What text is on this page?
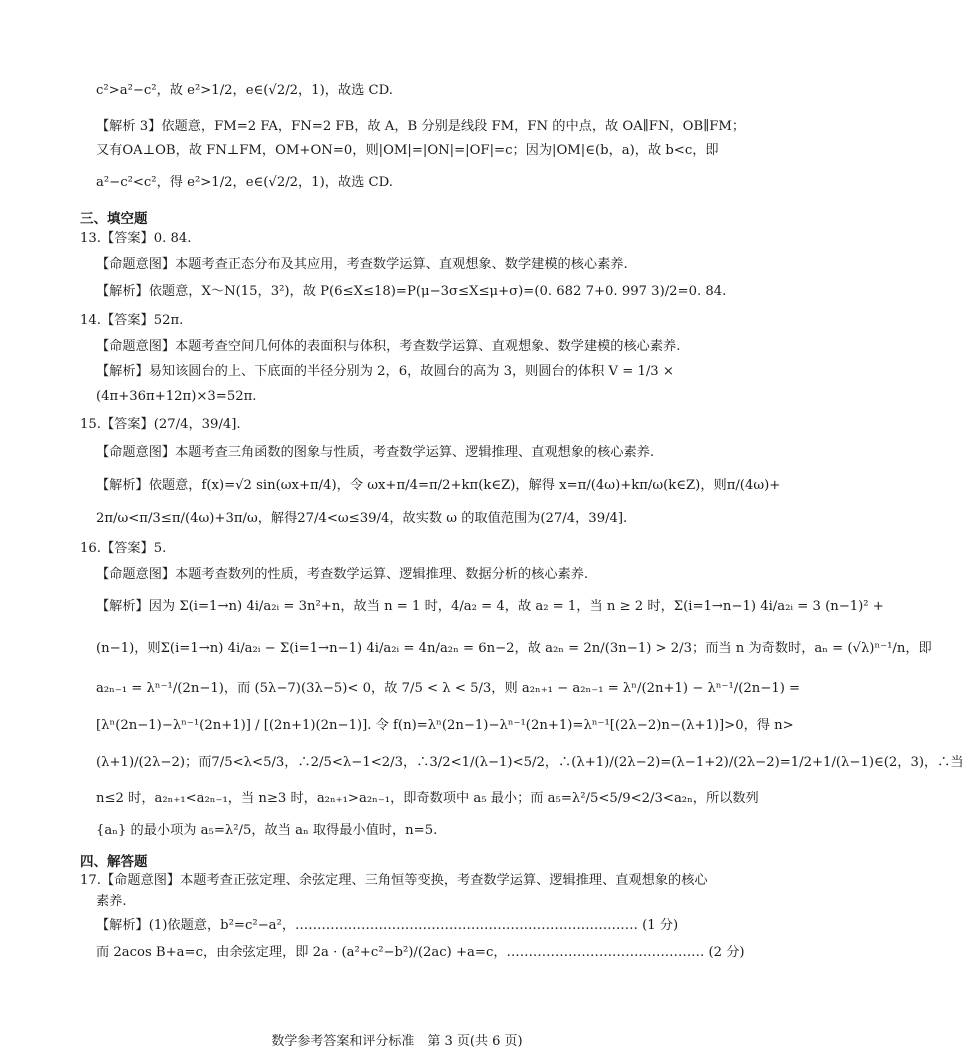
c²>a²−c²，故 e²>1/2，e∈(√2/2，1)，故选 CD.
【解析 3】依题意，FM=2 FA，FN=2 FB，故 A，B 分别是线段 FM，FN 的中点，故 OA∥FN，OB∥FM；
又有OA⊥OB，故 FN⊥FM，OM+ON=0，则|OM|=|ON|=|OF|=c；因为|OM|∈(b，a)，故 b<c，即
a²−c²<c²，得 e²>1/2，e∈(√2/2，1)，故选 CD.
三、填空题
13.【答案】0. 84.
【命题意图】本题考查正态分布及其应用，考查数学运算、直观想象、数学建模的核心素养.
【解析】依题意，X～N(15，3²)，故 P(6≤X≤18)=P(μ−3σ≤X≤μ+σ)=(0. 682 7+0. 997 3)/2=0. 84.
14.【答案】52π.
【命题意图】本题考查空间几何体的表面积与体积，考查数学运算、直观想象、数学建模的核心素养.
【解析】易知该圆台的上、下底面的半径分别为 2，6，故圆台的高为 3，则圆台的体积 V = 1/3 ×
(4π+36π+12π)×3=52π.
15.【答案】(27/4，39/4].
【命题意图】本题考查三角函数的图象与性质，考查数学运算、逻辑推理、直观想象的核心素养.
【解析】依题意，f(x)=√2 sin(ωx+π/4)，令 ωx+π/4=π/2+kπ(k∈Z)，解得 x=π/(4ω)+kπ/ω(k∈Z)，则π/(4ω)+
2π/ω<π/3≤π/(4ω)+3π/ω，解得27/4<ω≤39/4，故实数 ω 的取值范围为(27/4，39/4].
16.【答案】5.
【命题意图】本题考查数列的性质，考查数学运算、逻辑推理、数据分析的核心素养.
【解析】因为 Σ(i=1→n) 4i/a₂ᵢ = 3n²+n，故当 n = 1 时，4/a₂ = 4，故 a₂ = 1，当 n ≥ 2 时，Σ(i=1→n−1) 4i/a₂ᵢ = 3 (n−1)² +
(n−1)，则Σ(i=1→n) 4i/a₂ᵢ − Σ(i=1→n−1) 4i/a₂ᵢ = 4n/a₂ₙ = 6n−2，故 a₂ₙ = 2n/(3n−1) > 2/3；而当 n 为奇数时，aₙ = (√λ)ⁿ⁻¹/n，即
a₂ₙ₋₁ = λⁿ⁻¹/(2n−1)，而 (5λ−7)(3λ−5)< 0，故 7/5 < λ < 5/3，则 a₂ₙ₊₁ − a₂ₙ₋₁ = λⁿ/(2n+1) − λⁿ⁻¹/(2n−1) =
[λⁿ(2n−1)−λⁿ⁻¹(2n+1)] / [(2n+1)(2n−1)]. 令 f(n)=λⁿ(2n−1)−λⁿ⁻¹(2n+1)=λⁿ⁻¹[(2λ−2)n−(λ+1)]>0，得 n>
(λ+1)/(2λ−2)；而7/5<λ<5/3，∴2/5<λ−1<2/3，∴3/2<1/(λ−1)<5/2，∴(λ+1)/(2λ−2)=(λ−1+2)/(2λ−2)=1/2+1/(λ−1)∈(2，3)，∴当
n≤2 时，a₂ₙ₊₁<a₂ₙ₋₁，当 n≥3 时，a₂ₙ₊₁>a₂ₙ₋₁，即奇数项中 a₅ 最小；而 a₅=λ²/5<5/9<2/3<a₂ₙ，所以数列
{aₙ} 的最小项为 a₅=λ²/5，故当 aₙ 取得最小值时，n=5.
四、解答题
17.【命题意图】本题考查正弦定理、余弦定理、三角恒等变换，考查数学运算、逻辑推理、直观想象的核心
素养.
【解析】(1)依题意，b²=c²−a²，…………………………………………………………………… (1 分)
而 2acos B+a=c，由余弦定理，即 2a · (a²+c²−b²)/(2ac) +a=c，……………………………………… (2 分)
数学参考答案和评分标准　第 3 页(共 6 页)
